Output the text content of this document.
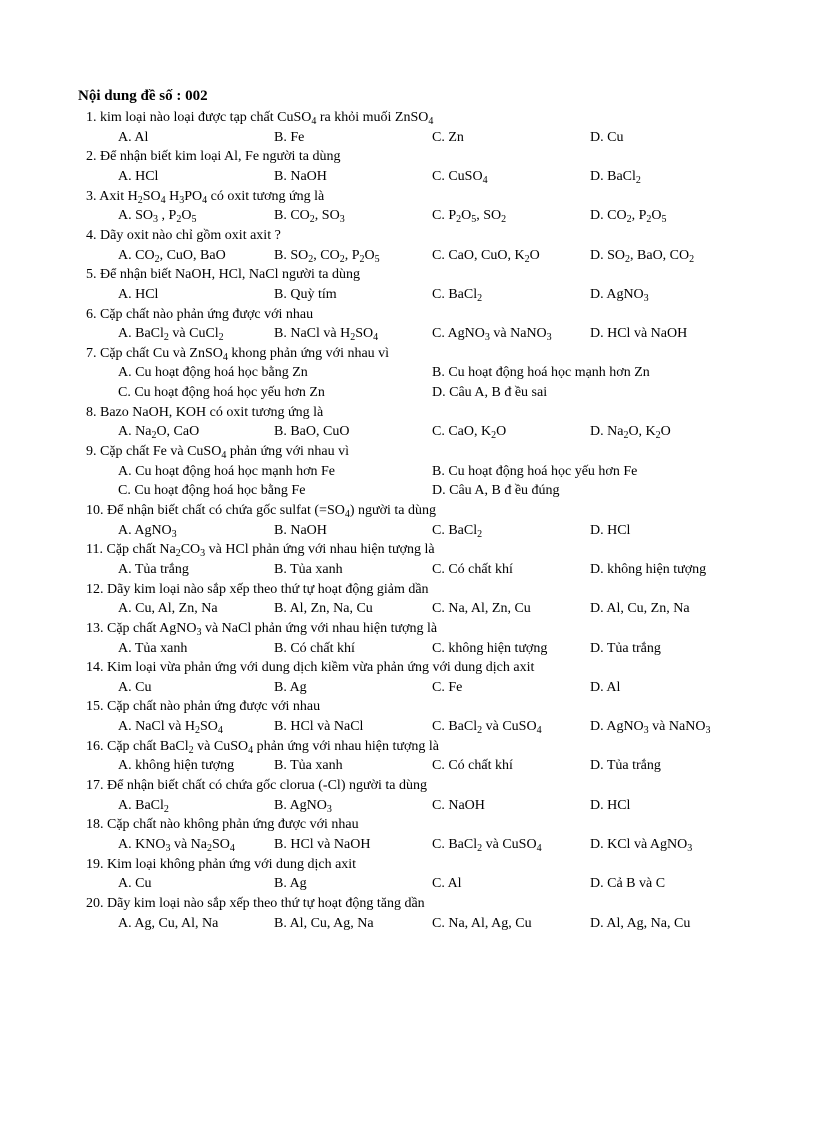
Nội dung đề số : 002
1. kim loại nào loại được tạp chất CuSO$_4$ ra khỏi muối ZnSO$_4$
A. Al	B. Fe	C. Zn	D. Cu
2. Để nhận biết kim loại Al, Fe người ta dùng
A. HCl	B. NaOH	C. CuSO$_4$	D. BaCl$_2$
3. Axit $H_2SO_4$ $H_3PO_4$ có oxit tương ứng là
A. $SO_3$ , $P_2O_5$	B. $CO_2$, $SO_3$	C. $P_2O_5$, $SO_2$	D. $CO_2$, $P_2O_5$
4. Dãy oxit nào chỉ gồm oxit axit ?
A. $CO_2$, CuO, BaO	B. $SO_2$, $CO_2$, $P_2O_5$	C. CaO, CuO, $K_2O$	D. $SO_2$, BaO, $CO_2$
5. Để nhận biết NaOH, HCl, NaCl người ta dùng
A. HCl	B. Quỳ tím	C. BaCl$_2$	D. AgNO$_3$
6. Cặp chất nào phản ứng được với nhau
A. BaCl$_2$ và CuCl$_2$	B. NaCl và $H_2SO_4$	C. AgNO$_3$ và NaNO$_3$	D. HCl và NaOH
7. Cặp chất Cu và ZnSO$_4$ khong phản ứng với nhau vì
A. Cu hoạt động hoá học bằng Zn	B. Cu hoạt động hoá học mạnh hơn Zn
C. Cu hoạt động hoá học yếu hơn Zn	D. Câu A, B đ ều sai
8. Bazo NaOH, KOH có oxit tương ứng là
A. $Na_2O$, CaO	B. BaO, CuO	C. CaO, $K_2O$	D. $Na_2O$, $K_2O$
9. Cặp chất Fe và CuSO$_4$ phản ứng với nhau vì
A. Cu hoạt động hoá học mạnh hơn Fe	B. Cu hoạt động hoá học yếu hơn Fe
C. Cu hoạt động hoá học bằng Fe	D. Câu A, B đ ều đúng
10. Để nhận biết chất có chứa gốc sulfat $(=SO_4)$ người ta dùng
A. AgNO$_3$	B. NaOH	C. BaCl$_2$	D. HCl
11. Cặp chất $Na_2CO_3$ và HCl phản ứng với nhau hiện tượng là
A. Tủa trắng	B. Tủa xanh	C. Có chất khí	D. không hiện tượng
12. Dãy kim loại nào sắp xếp theo thứ tự hoạt động giảm dần
A. Cu, Al, Zn, Na	B. Al, Zn, Na, Cu	C. Na, Al, Zn, Cu	D. Al, Cu, Zn, Na
13. Cặp chất AgNO$_3$ và NaCl phản ứng với nhau hiện tượng là
A. Tủa xanh	B. Có chất khí	C. không hiện tượng	D. Tủa trắng
14. Kim loại vừa phản ứng với dung dịch kiềm vừa phản ứng với dung dịch axit
A. Cu	B. Ag	C. Fe	D. Al
15. Cặp chất nào phản ứng được với nhau
A. NaCl và $H_2SO_4$	B. HCl và NaCl	C. BaCl$_2$ và CuSO$_4$	D. AgNO$_3$ và NaNO$_3$
16. Cặp chất BaCl$_2$ và CuSO$_4$ phản ứng với nhau hiện tượng là
A. không hiện tượng	B. Tủa xanh	C. Có chất khí	D. Tủa trắng
17. Để nhận biết chất có chứa gốc clorua (-Cl) người ta dùng
A. BaCl$_2$	B. AgNO$_3$	C. NaOH	D. HCl
18. Cặp chất nào không phản ứng được với nhau
A. $KNO_3$ và $Na_2SO_4$	B. HCl và NaOH	C. BaCl$_2$ và CuSO$_4$	D. KCl và AgNO$_3$
19. Kim loại không phản ứng với dung dịch axit
A. Cu	B. Ag	C. Al	D. Cả B và C
20. Dãy kim loại nào sắp xếp theo thứ tự hoạt động tăng dần
A. Ag, Cu, Al, Na	B. Al, Cu, Ag, Na	C. Na, Al, Ag, Cu	D. Al, Ag, Na, Cu
